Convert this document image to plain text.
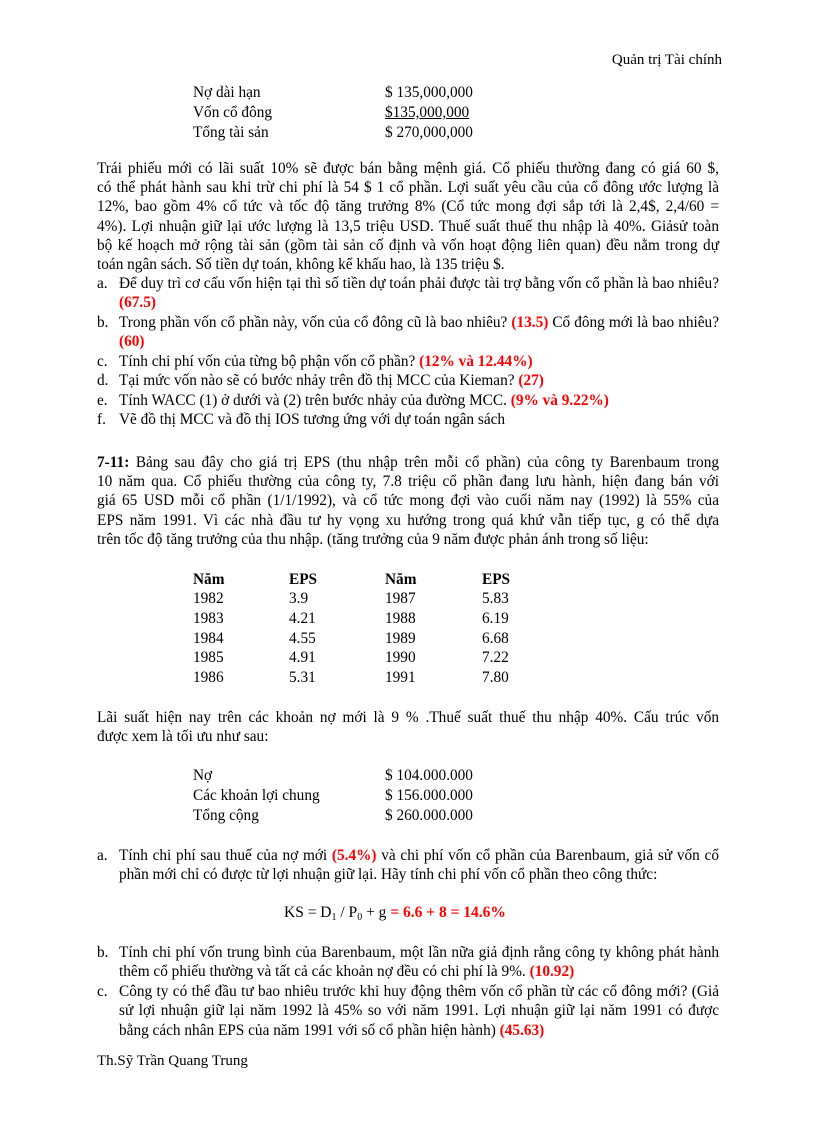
Quản trị Tài chính
Nợ dài hạn	$ 135,000,000
Vốn cổ đông	$135,000,000
Tổng tài sản	$ 270,000,000
Trái phiếu mới có lãi suất 10% sẽ được bán bằng mệnh giá. Cổ phiếu thường đang có giá 60 $,
có thể phát hành sau khi trừ chi phí là 54 $ 1 cổ phần. Lợi suất yêu cầu của cổ đông ước lượng là
12%, bao gồm 4% cổ tức và tốc độ tăng trưởng 8% (Cổ tức mong đợi sắp tới là 2,4$, 2,4/60 =
4%). Lợi nhuận giữ lại ước lượng là 13,5 triệu USD. Thuế suất thuế thu nhập là 40%. Giảsử toàn
bộ kế hoạch mở rộng tài sản (gồm tài sản cố định và vốn hoạt động liên quan) đều nằm trong dự
toán ngân sách. Số tiền dự toán, không kể khấu hao, là 135 triệu $.
a. Để duy trì cơ cấu vốn hiện tại thì số tiền dự toán phải được tài trợ bằng vốn cổ phần là bao nhiêu? (67.5)
b. Trong phần vốn cổ phần này, vốn của cổ đông cũ là bao nhiêu? (13.5) Cổ đông mới là bao nhiêu? (60)
c. Tính chi phí vốn của từng bộ phận vốn cổ phần? (12% và 12.44%)
d. Tại mức vốn nào sẽ có bước nhảy trên đồ thị MCC của Kieman? (27)
e. Tính WACC (1) ở dưới và (2) trên bước nhảy của đường MCC. (9% và 9.22%)
f. Vẽ đồ thị MCC và đồ thị IOS tương ứng với dự toán ngân sách
7-11: Bảng sau đây cho giá trị EPS (thu nhập trên mỗi cổ phần) của công ty Barenbaum trong
10 năm qua. Cổ phiếu thường của công ty, 7.8 triệu cổ phần đang lưu hành, hiện đang bán với
giá 65 USD mỗi cổ phần (1/1/1992), và cổ tức mong đợi vào cuối năm nay (1992) là 55% của
EPS năm 1991. Vì các nhà đầu tư hy vọng xu hướng trong quá khứ vẫn tiếp tục, g có thể dựa
trên tốc độ tăng trưởng của thu nhập. (tăng trưởng của 9 năm được phản ánh trong số liệu:
Năm	EPS	Năm	EPS
1982	3.9	1987	5.83
1983	4.21	1988	6.19
1984	4.55	1989	6.68
1985	4.91	1990	7.22
1986	5.31	1991	7.80
Lãi suất hiện nay trên các khoản nợ mới là 9 % .Thuế suất thuế thu nhập 40%. Cấu trúc vốn
được xem là tối ưu như sau:
Nợ	$ 104.000.000
Các khoản lợi chung	$ 156.000.000
Tổng cộng	$ 260.000.000
a. Tính chi phí sau thuế của nợ mới (5.4%) và chi phí vốn cổ phần của Barenbaum, giả sử vốn cổ phần mới chỉ có được từ lợi nhuận giữ lại. Hãy tính chi phí vốn cổ phần theo công thức:
KS = $D_1 / P_0 + g = 6.6 + 8 = 14.6\%$
b. Tính chi phí vốn trung bình của Barenbaum, một lần nữa giả định rằng công ty không phát hành thêm cổ phiếu thường và tất cả các khoản nợ đều có chi phí là 9%. (10.92)
c. Công ty có thể đầu tư bao nhiêu trước khi huy động thêm vốn cổ phần từ các cổ đông mới? (Giả sử lợi nhuận giữ lại năm 1992 là 45% so với năm 1991. Lợi nhuận giữ lại năm 1991 có được bằng cách nhân EPS của năm 1991 với số cổ phần hiện hành) (45.63)
Th.Sỹ Trần Quang Trung
